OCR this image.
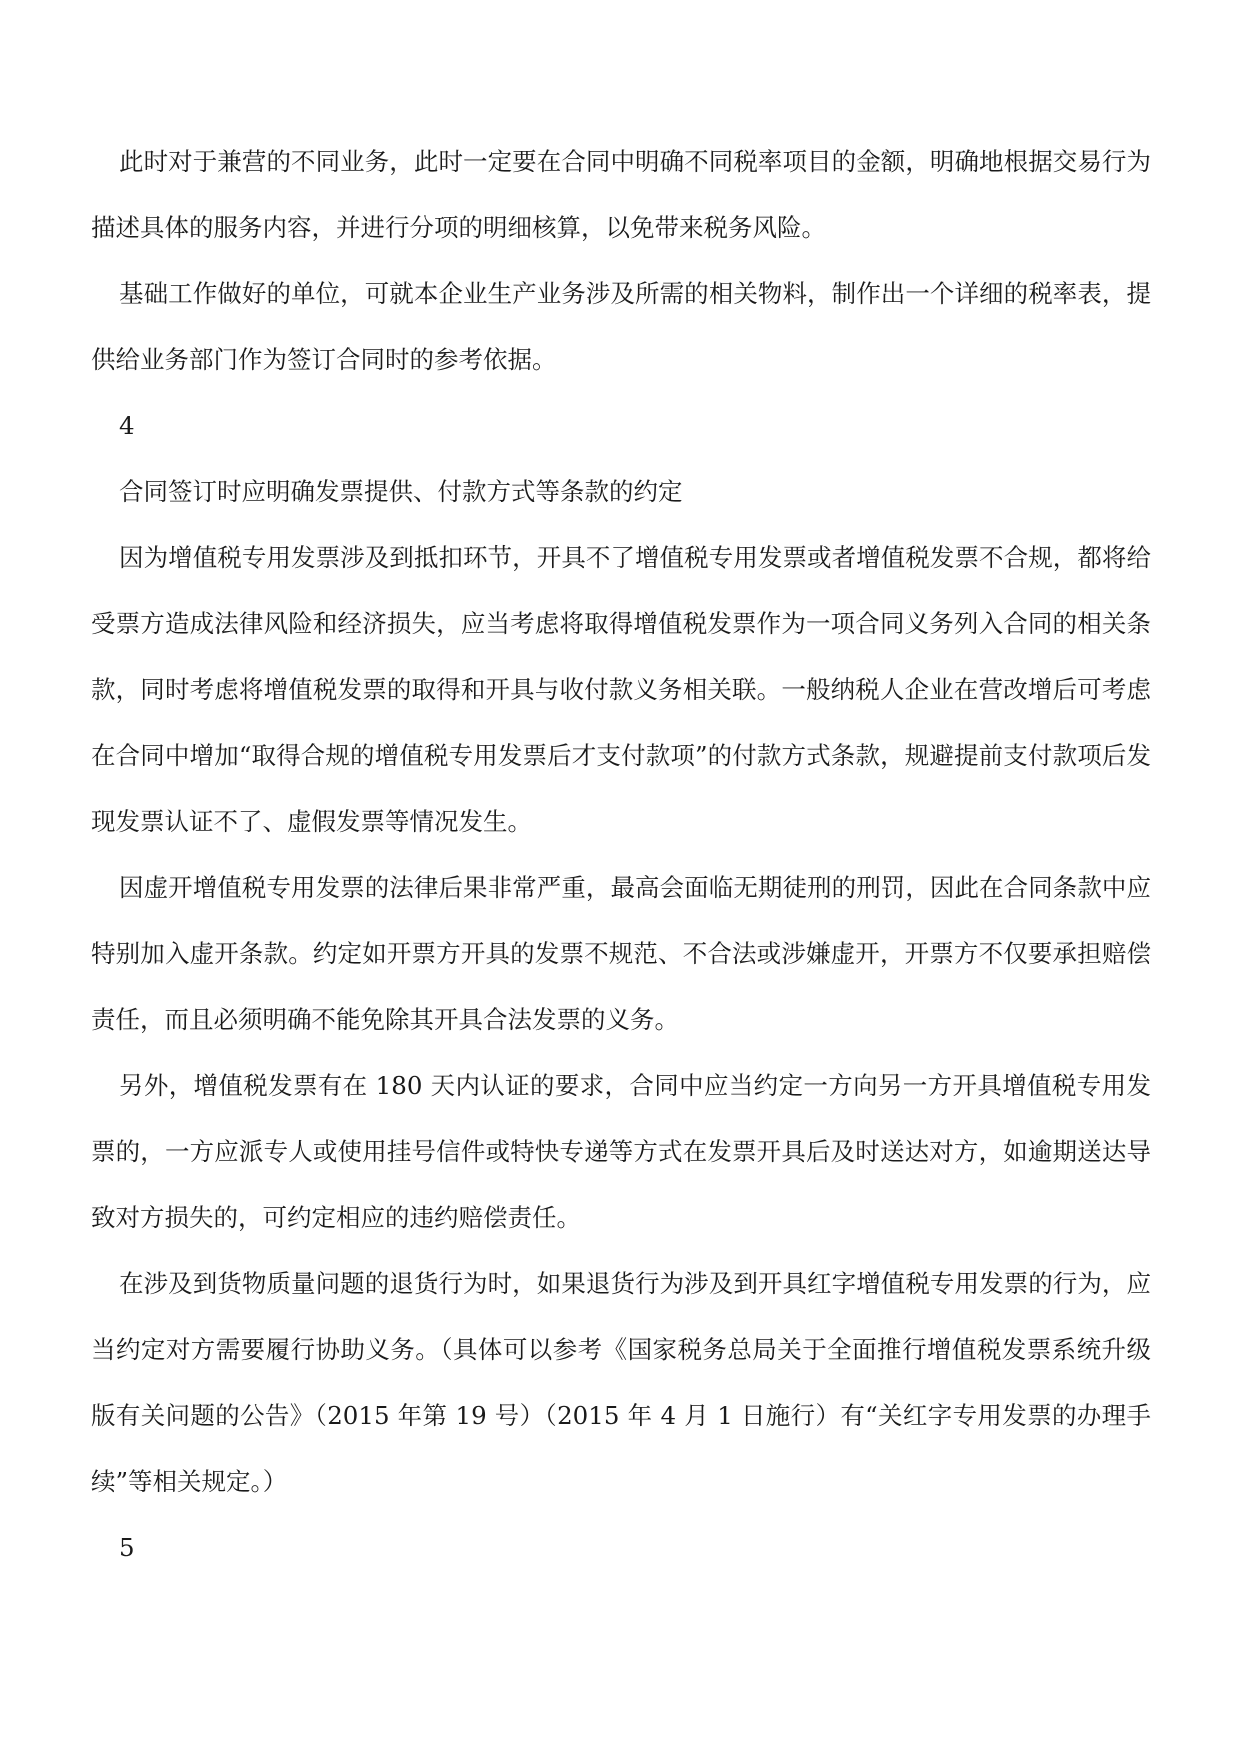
此时对于兼营的不同业务，此时一定要在合同中明确不同税率项目的金额，明确地根据交易行为描述具体的服务内容，并进行分项的明细核算，以免带来税务风险。

基础工作做好的单位，可就本企业生产业务涉及所需的相关物料，制作出一个详细的税率表，提供给业务部门作为签订合同时的参考依据。

4

合同签订时应明确发票提供、付款方式等条款的约定

因为增值税专用发票涉及到抵扣环节，开具不了增值税专用发票或者增值税发票不合规，都将给受票方造成法律风险和经济损失，应当考虑将取得增值税发票作为一项合同义务列入合同的相关条款，同时考虑将增值税发票的取得和开具与收付款义务相关联。一般纳税人企业在营改增后可考虑在合同中增加“取得合规的增值税专用发票后才支付款项”的付款方式条款，规避提前支付款项后发现发票认证不了、虚假发票等情况发生。

因虚开增值税专用发票的法律后果非常严重，最高会面临无期徒刑的刑罚，因此在合同条款中应特别加入虚开条款。约定如开票方开具的发票不规范、不合法或涉嫌虚开，开票方不仅要承担赔偿责任，而且必须明确不能免除其开具合法发票的义务。

另外，增值税发票有在 180 天内认证的要求，合同中应当约定一方向另一方开具增值税专用发票的，一方应派专人或使用挂号信件或特快专递等方式在发票开具后及时送达对方，如逾期送达导致对方损失的，可约定相应的违约赔偿责任。

在涉及到货物质量问题的退货行为时，如果退货行为涉及到开具红字增值税专用发票的行为，应当约定对方需要履行协助义务。（具体可以参考《国家税务总局关于全面推行增值税发票系统升级版有关问题的公告》（2015 年第 19 号）（2015 年 4 月 1 日施行）有“关红字专用发票的办理手续”等相关规定。）

5
